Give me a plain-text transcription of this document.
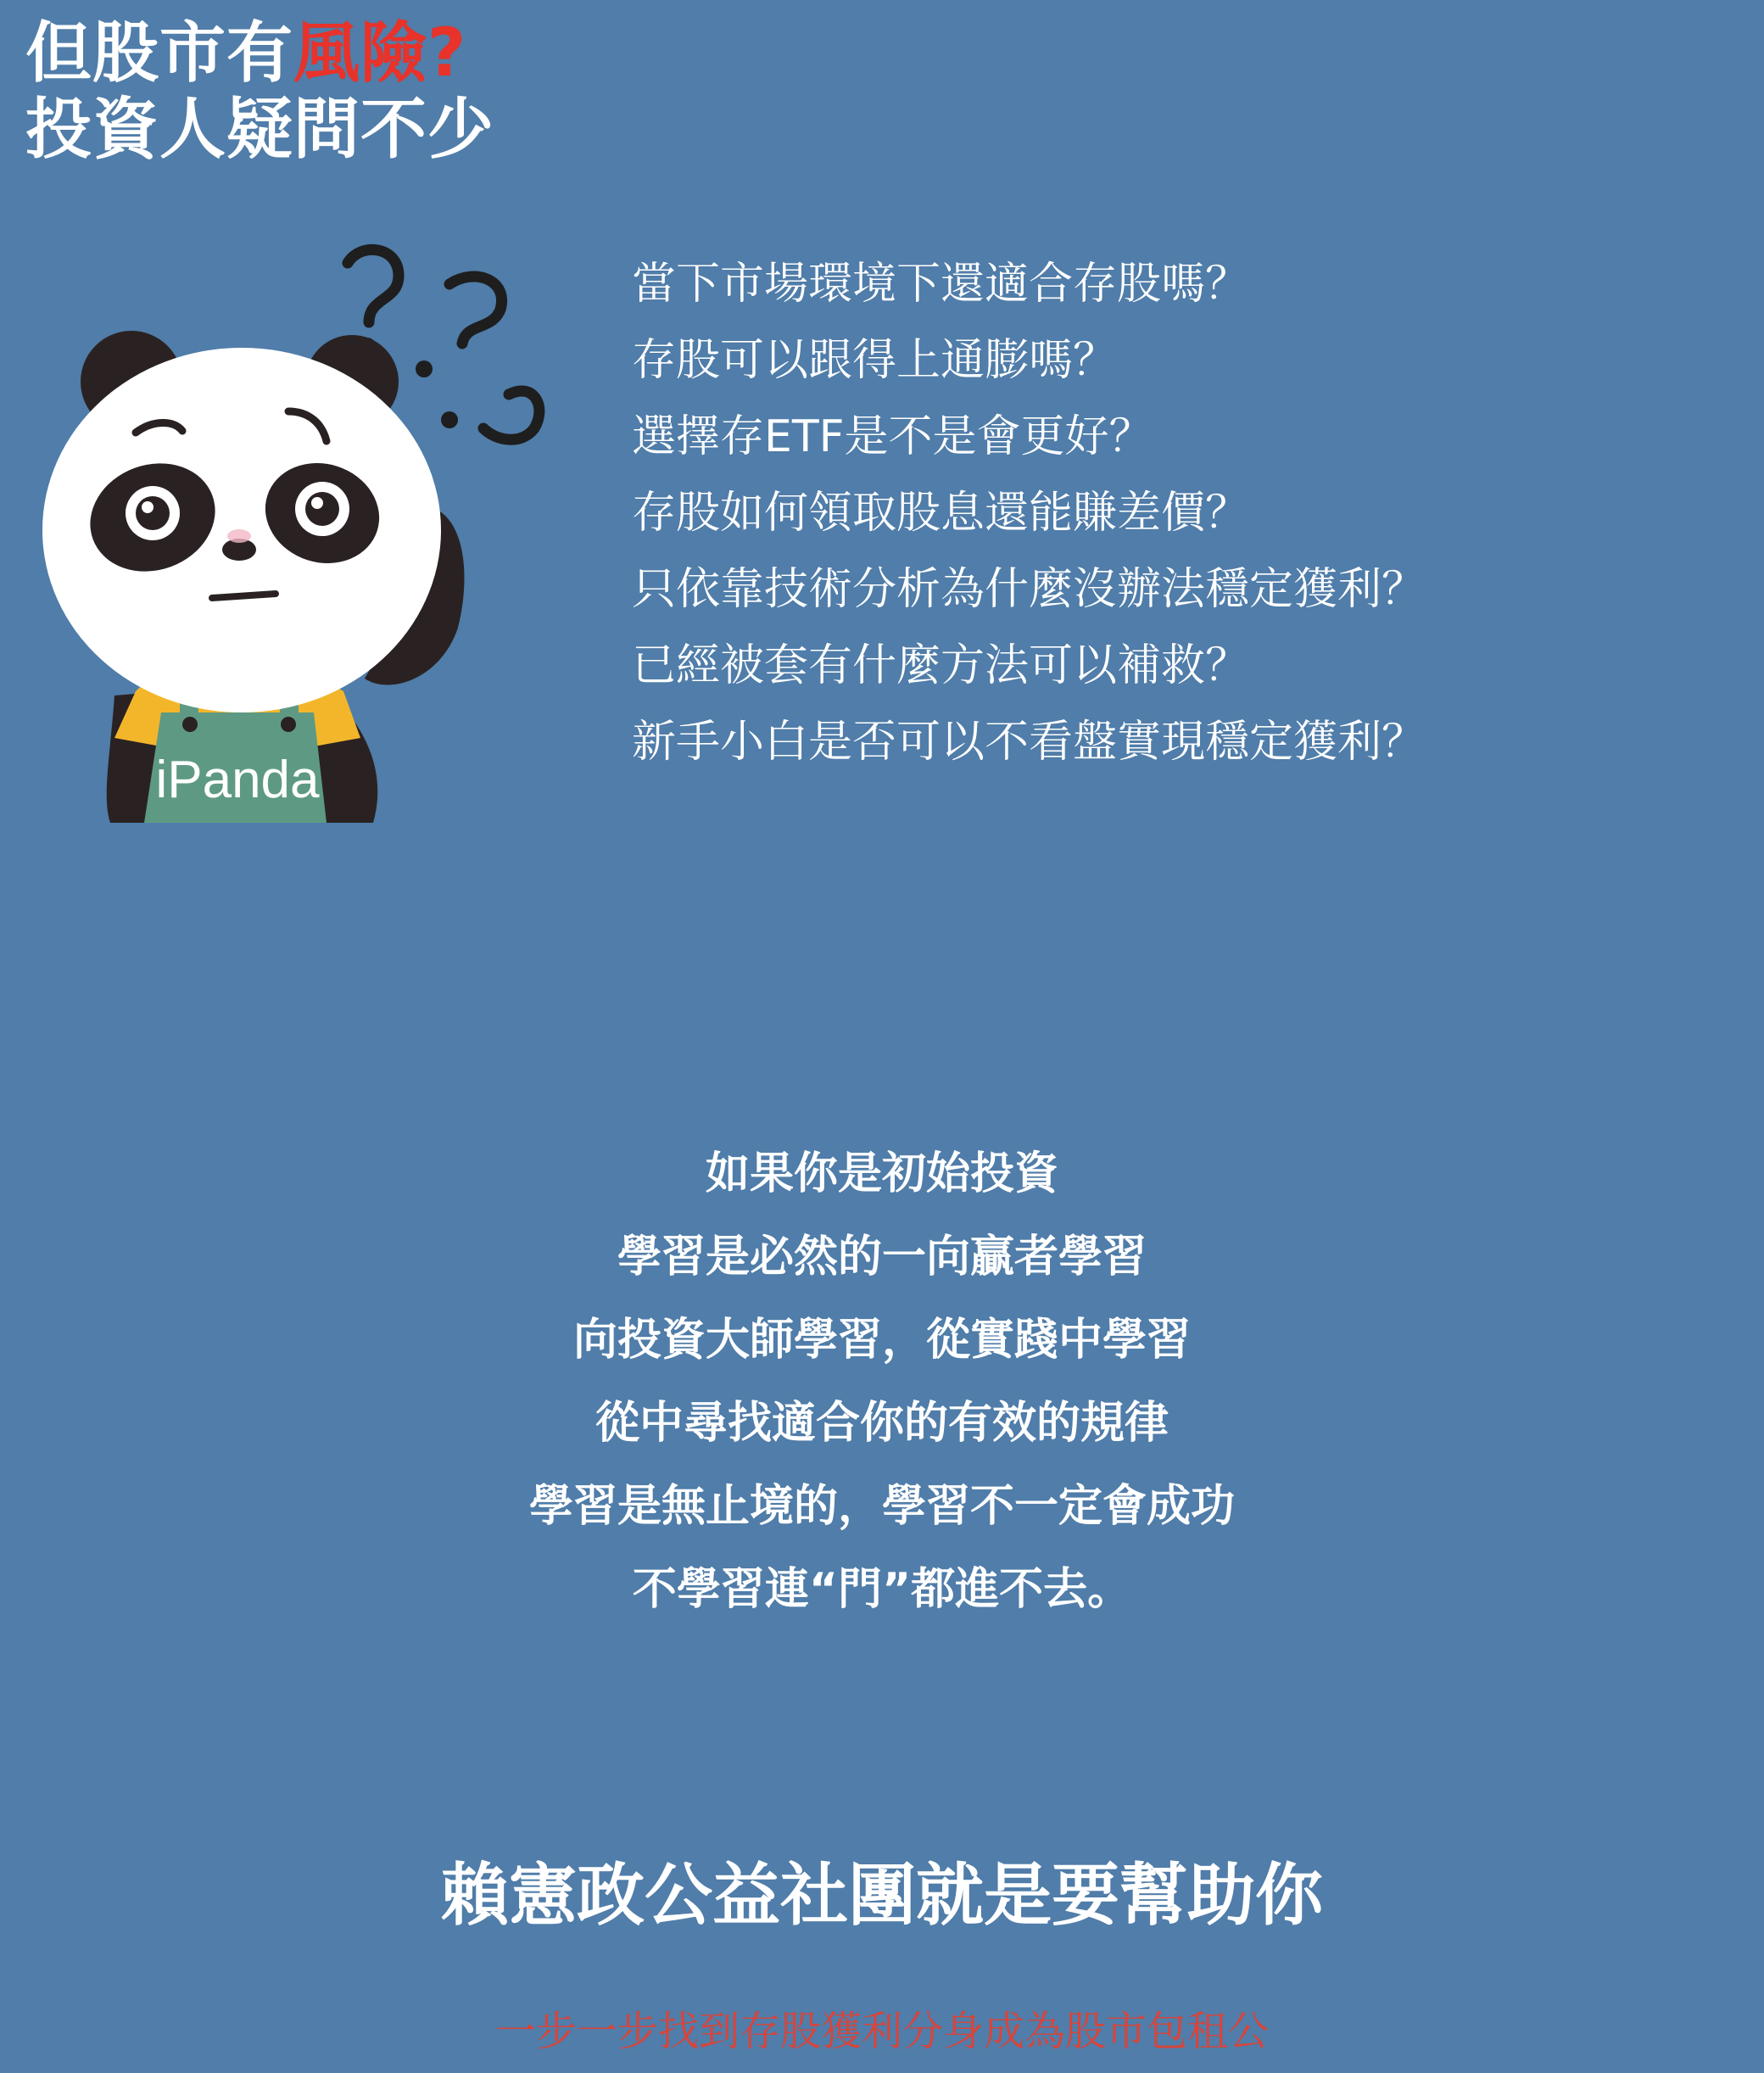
但股市有風險?
投資人疑問不少
iPanda
當下市場環境下還適合存股嗎？
存股可以跟得上通膨嗎？
選擇存ETF是不是會更好？
存股如何領取股息還能賺差價？
只依靠技術分析為什麼沒辦法穩定獲利？
已經被套有什麼方法可以補救？
新手小白是否可以不看盤實現穩定獲利？
如果你是初始投資
學習是必然的一向贏者學習
向投資大師學習，從實踐中學習
從中尋找適合你的有效的規律
學習是無止境的，學習不一定會成功
不學習連“門”都進不去。
賴憲政公益社團就是要幫助你
一步一步找到存股獲利分身成為股市包租公
